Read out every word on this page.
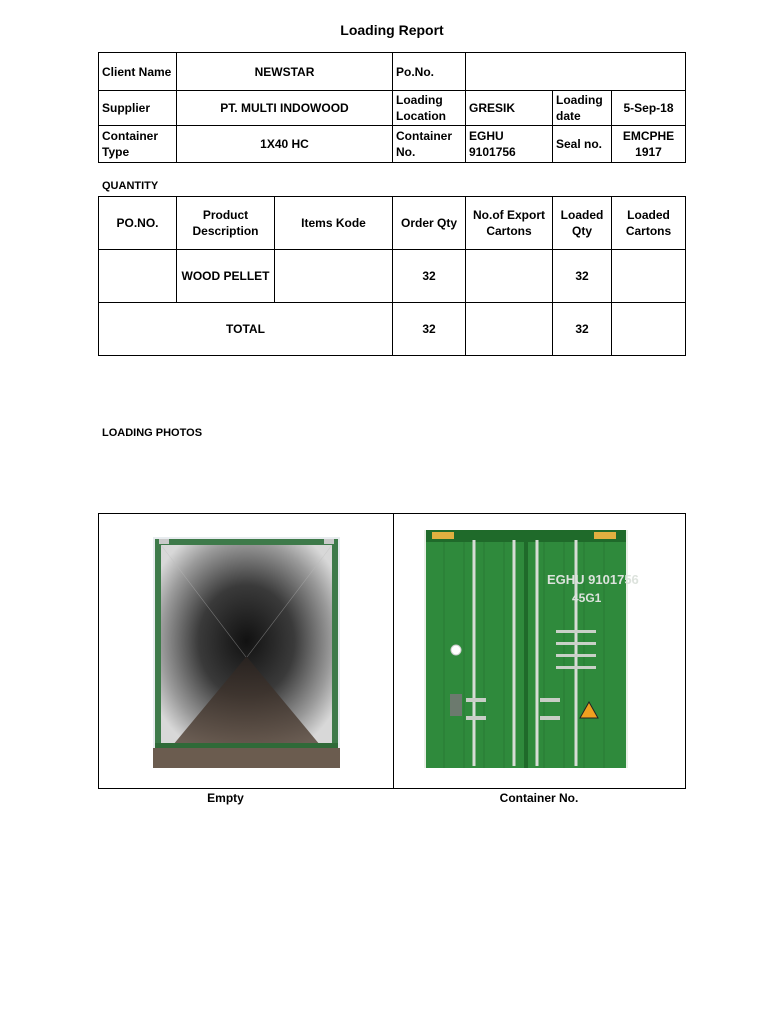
Loading Report
Client Name	NEWSTAR	Po.No.			
Supplier	PT. MULTI INDOWOOD	Loading Location	GRESIK	Loading date	5-Sep-18
Container Type	1X40 HC	Container No.	EGHU 9101756	Seal no.	EMCPHE 1917
QUANTITY
PO.NO.	Product Description	Items Kode	Order Qty	No.of Export Cartons	Loaded Qty	Loaded Cartons
	WOOD PELLET		32		32	
TOTAL			32		32	
LOADING PHOTOS

EGHU 9101756
45G1
Empty	Container No.
